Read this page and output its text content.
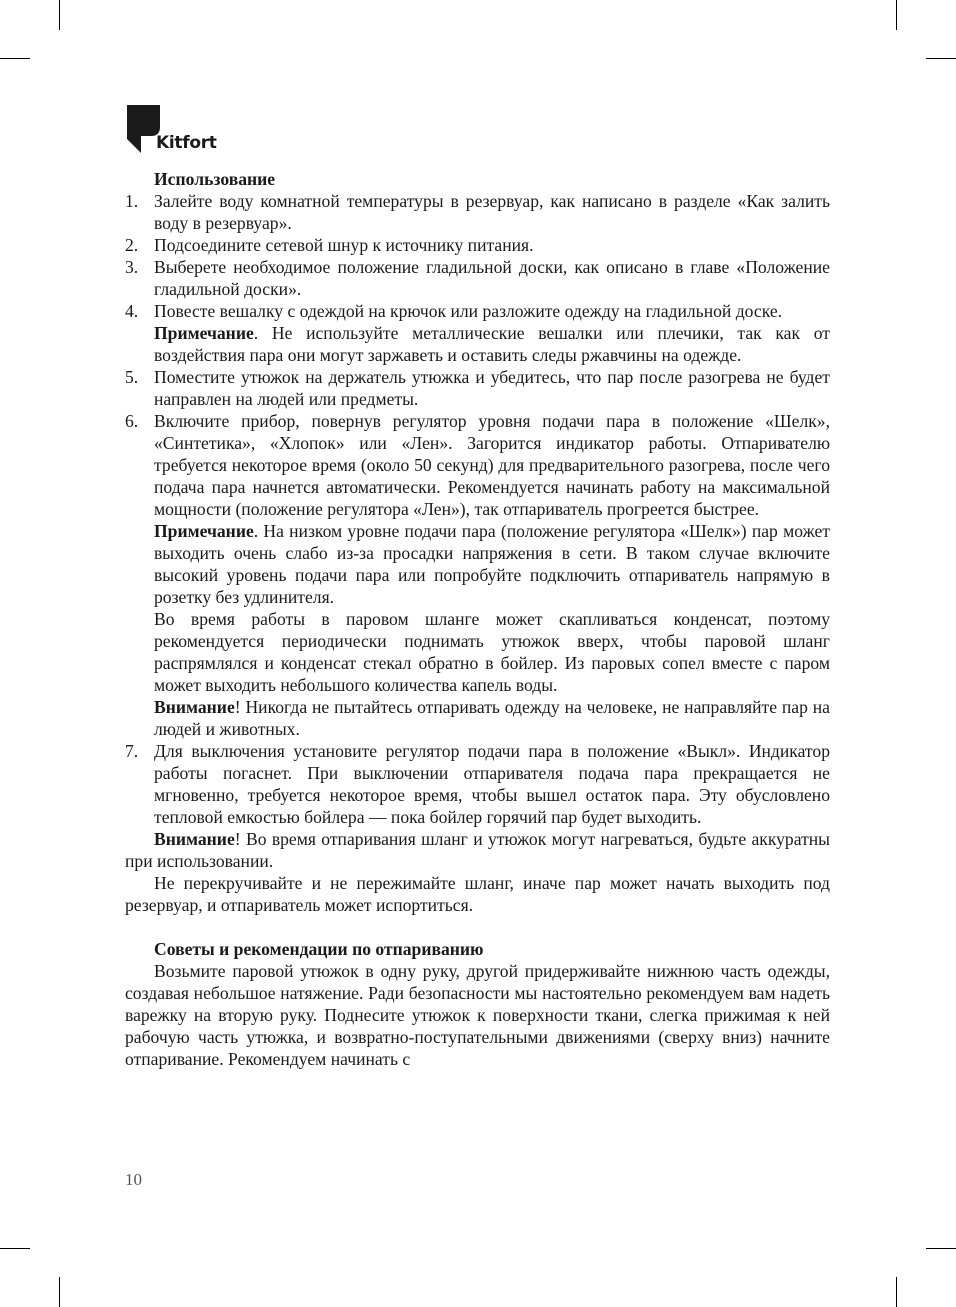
Kitfort

Использование

1. Залейте воду комнатной температуры в резервуар, как написано в разделе «Как залить воду в резервуар».

2. Подсоедините сетевой шнур к источнику питания.

3. Выберете необходимое положение гладильной доски, как описано в главе «Положение гладильной доски».

4. Повесте вешалку с одеждой на крючок или разложите одежду на гладильной доске.

Примечание. Не используйте металлические вешалки или плечики, так как от воздействия пара они могут заржаветь и оставить следы ржавчины на одежде.

5. Поместите утюжок на держатель утюжка и убедитесь, что пар после разогрева не будет направлен на людей или предметы.

6. Включите прибор, повернув регулятор уровня подачи пара в положение «Шелк», «Синтетика», «Хлопок» или «Лен». Загорится индикатор работы. Отпаривателю требуется некоторое время (около 50 секунд) для предварительного разогрева, после чего подача пара начнется автоматически. Рекомендуется начинать работу на максимальной мощности (положение регулятора «Лен»), так отпариватель прогреется быстрее.

Примечание. На низком уровне подачи пара (положение регулятора «Шелк») пар может выходить очень слабо из-за просадки напряжения в сети. В таком случае включите высокий уровень подачи пара или попробуйте подключить отпариватель напрямую в розетку без удлинителя.

Во время работы в паровом шланге может скапливаться конденсат, поэтому рекомендуется периодически поднимать утюжок вверх, чтобы паровой шланг распрямлялся и конденсат стекал обратно в бойлер. Из паровых сопел вместе с паром может выходить небольшого количества капель воды.

Внимание! Никогда не пытайтесь отпаривать одежду на человеке, не направляйте пар на людей и животных.

7. Для выключения установите регулятор подачи пара в положение «Выкл». Индикатор работы погаснет. При выключении отпаривателя подача пара прекращается не мгновенно, требуется некоторое время, чтобы вышел остаток пара. Эту обусловлено тепловой емкостью бойлера — пока бойлер горячий пар будет выходить.

Внимание! Во время отпаривания шланг и утюжок могут нагреваться, будьте аккуратны при использовании.

Не перекручивайте и не пережимайте шланг, иначе пар может начать выходить под резервуар, и отпариватель может испортиться.

Советы и рекомендации по отпариванию

Возьмите паровой утюжок в одну руку, другой придерживайте нижнюю часть одежды, создавая небольшое натяжение. Ради безопасности мы настоятельно рекомендуем вам надеть варежку на вторую руку. Поднесите утюжок к поверхности ткани, слегка прижимая к ней рабочую часть утюжка, и возвратно-поступательными движениями (сверху вниз) начните отпаривание. Рекомендуем начинать с

10
